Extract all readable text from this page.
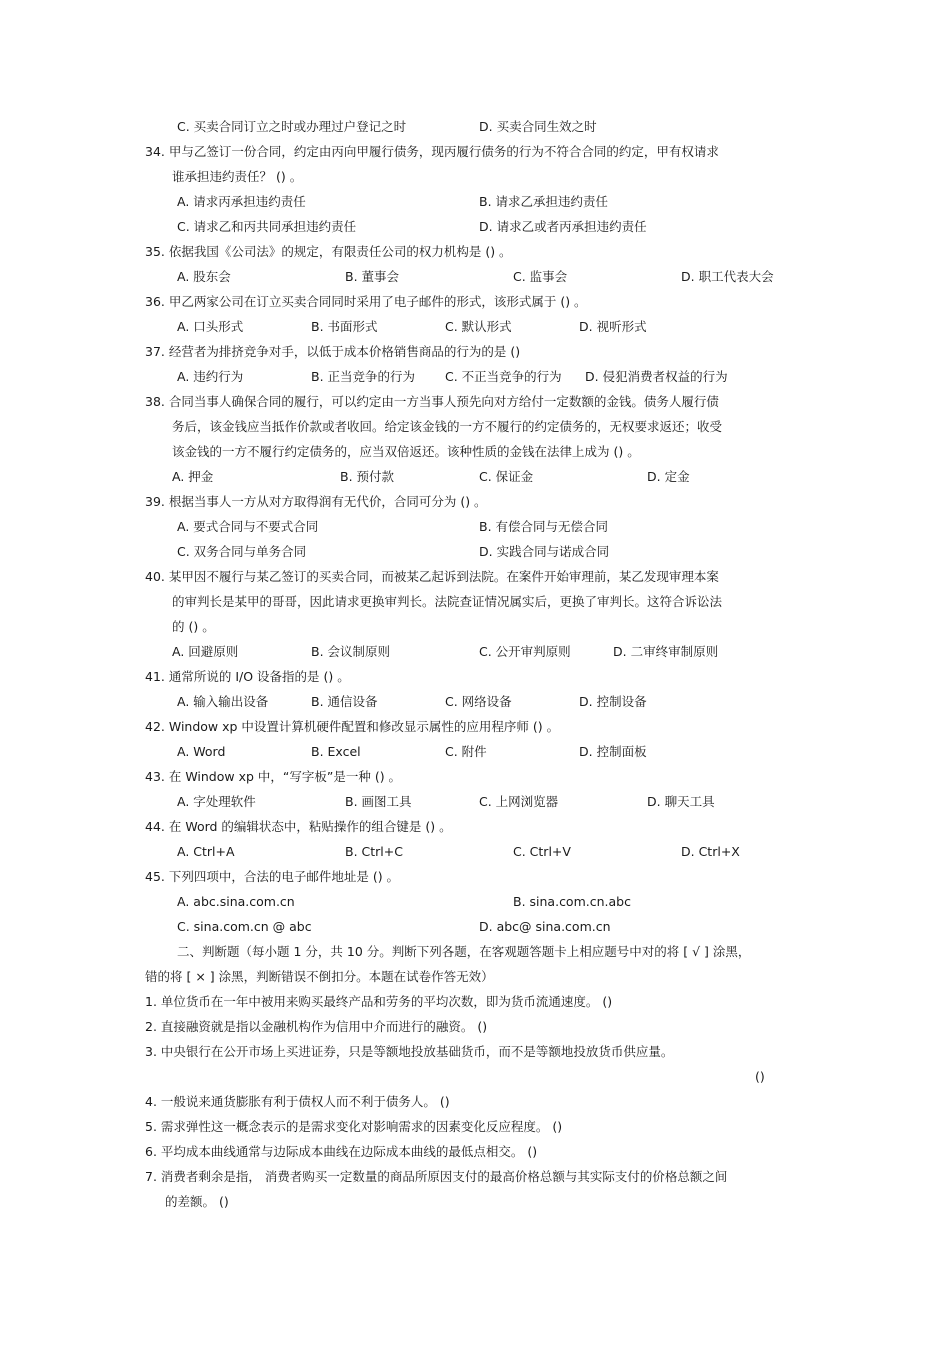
C. 买卖合同订立之时或办理过户登记之时	D. 买卖合同生效之时
34. 甲与乙签订一份合同，约定由丙向甲履行债务，现丙履行债务的行为不符合合同的约定，甲有权请求
谁承担违约责任？ () 。
A. 请求丙承担违约责任	B. 请求乙承担违约责任
C. 请求乙和丙共同承担违约责任	D. 请求乙或者丙承担违约责任
35. 依据我国《公司法》的规定，有限责任公司的权力机构是 () 。
A. 股东会	B. 董事会	C. 监事会	D. 职工代表大会
36. 甲乙两家公司在订立买卖合同同时采用了电子邮件的形式，该形式属于 () 。
A. 口头形式	B. 书面形式	C. 默认形式	D. 视听形式
37. 经营者为排挤竞争对手，以低于成本价格销售商品的行为的是 ()
A. 违约行为	B. 正当竞争的行为 C. 不正当竞争的行为 D. 侵犯消费者权益的行为
38. 合同当事人确保合同的履行，可以约定由一方当事人预先向对方给付一定数额的金钱。债务人履行债
务后，该金钱应当抵作价款或者收回。给定该金钱的一方不履行的约定债务的，无权要求返还；收受
该金钱的一方不履行约定债务的，应当双倍返还。该种性质的金钱在法律上成为 () 。
A. 押金	B. 预付款	C. 保证金	D. 定金
39. 根据当事人一方从对方取得润有无代价，合同可分为 () 。
A. 要式合同与不要式合同	B. 有偿合同与无偿合同
C. 双务合同与单务合同	D. 实践合同与诺成合同
40. 某甲因不履行与某乙签订的买卖合同，而被某乙起诉到法院。在案件开始审理前，某乙发现审理本案
的审判长是某甲的哥哥，因此请求更换审判长。法院查证情况属实后，更换了审判长。这符合诉讼法
的 () 。
A. 回避原则	B. 会议制原则	C. 公开审判原则	D. 二审终审制原则
41. 通常所说的 I/O 设备指的是 () 。
A. 输入输出设备	B. 通信设备	C. 网络设备	D. 控制设备
42. Window xp 中设置计算机硬件配置和修改显示属性的应用程序师 () 。
A. Word	B. Excel	C. 附件	D. 控制面板
43. 在 Window xp 中，“写字板”是一种 () 。
A. 字处理软件	B. 画图工具	C. 上网浏览器	D. 聊天工具
44. 在 Word 的编辑状态中，粘贴操作的组合键是 () 。
A. Ctrl+A	B. Ctrl+C	C. Ctrl+V	D. Ctrl+X
45. 下列四项中，合法的电子邮件地址是 () 。
A. abc.sina.com.cn	B. sina.com.cn.abc
C. sina.com.cn @ abc	D. abc@ sina.com.cn
二、判断题（每小题 1 分，共 10 分。判断下列各题，在客观题答题卡上相应题号中对的将 [ √ ] 涂黑，
错的将 [ × ] 涂黑，判断错误不倒扣分。本题在试卷作答无效）
1. 单位货币在一年中被用来购买最终产品和劳务的平均次数，即为货币流通速度。 ()
2. 直接融资就是指以金融机构作为信用中介而进行的融资。 ()
3. 中央银行在公开市场上买进证券，只是等额地投放基础货币，而不是等额地投放货币供应量。
()
4. 一般说来通货膨胀有利于债权人而不利于债务人。 ()
5. 需求弹性这一概念表示的是需求变化对影响需求的因素变化反应程度。 ()
6. 平均成本曲线通常与边际成本曲线在边际成本曲线的最低点相交。 ()
7. 消费者剩余是指， 消费者购买一定数量的商品所原因支付的最高价格总额与其实际支付的价格总额之间
的差额。 ()
